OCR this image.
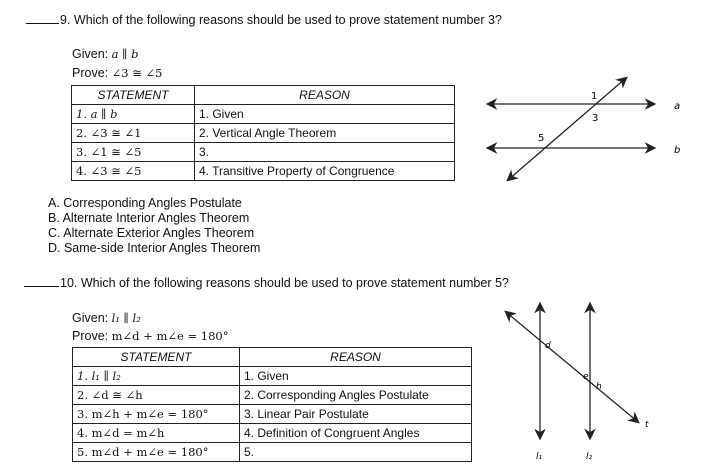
9. Which of the following reasons should be used to prove statement number 3?
Given: a ∥ b
Prove: ∠3 ≅ ∠5
STATEMENT	REASON
1. a ∥ b	1. Given
2. ∠3 ≅ ∠1	2. Vertical Angle Theorem
3. ∠1 ≅ ∠5	3.
4. ∠3 ≅ ∠5	4. Transitive Property of Congruence
1
3
5
a
b
A. Corresponding Angles Postulate
B. Alternate Interior Angles Theorem
C. Alternate Exterior Angles Theorem
D. Same-side Interior Angles Theorem
10. Which of the following reasons should be used to prove statement number 5?
Given: l₁ ∥ l₂
Prove: m∠d + m∠e = 180°
STATEMENT	REASON
1. l₁ ∥ l₂	1. Given
2. ∠d ≅ ∠h	2. Corresponding Angles Postulate
3. m∠h + m∠e = 180°	3. Linear Pair Postulate
4. m∠d = m∠h	4. Definition of Congruent Angles
5. m∠d + m∠e = 180°	5.
d
e
h
t
l₁	l₂
